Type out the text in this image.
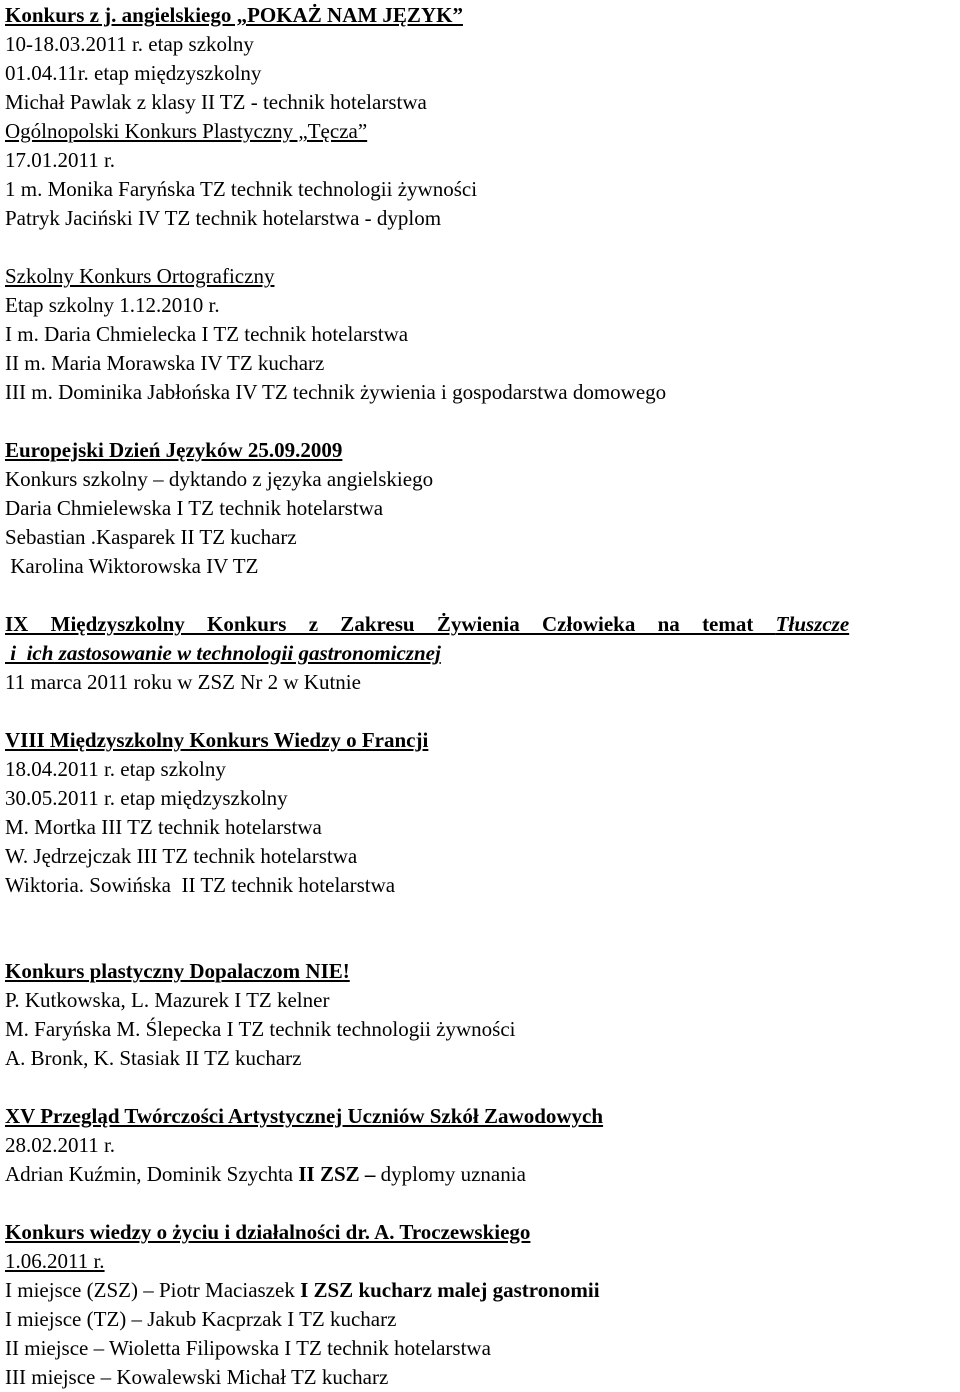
Konkurs z j. angielskiego „POKAŻ NAM JĘZYK”
10-18.03.2011 r. etap szkolny
01.04.11r. etap międzyszkolny
Michał Pawlak z klasy II TZ - technik hotelarstwa
Ogólnopolski Konkurs Plastyczny „Tęcza”
17.01.2011 r.
1 m. Monika Faryńska TZ technik technologii żywności
Patryk Jaciński IV TZ technik hotelarstwa - dyplom
Szkolny Konkurs Ortograficzny
Etap szkolny 1.12.2010 r.
I m. Daria Chmielecka I TZ technik hotelarstwa
II m. Maria Morawska IV TZ kucharz
III m. Dominika Jabłońska IV TZ technik żywienia i gospodarstwa domowego
Europejski Dzień Języków 25.09.2009
Konkurs szkolny – dyktando z języka angielskiego
Daria Chmielewska I TZ technik hotelarstwa
Sebastian .Kasparek II TZ kucharz
Karolina Wiktorowska IV TZ
IX  Międzyszkolny  Konkurs  z  Zakresu  Żywienia  Człowieka  na  temat  Tłuszcze
i  ich zastosowanie w technologii gastronomicznej
11 marca 2011 roku w ZSZ Nr 2 w Kutnie
VIII Międzyszkolny Konkurs Wiedzy o Francji
18.04.2011 r. etap szkolny
30.05.2011 r. etap międzyszkolny
M. Mortka III TZ technik hotelarstwa
W. Jędrzejczak III TZ technik hotelarstwa
Wiktoria. Sowińska  II TZ technik hotelarstwa
Konkurs plastyczny Dopalaczom NIE!
P. Kutkowska, L. Mazurek I TZ kelner
M. Faryńska M. Ślepecka I TZ technik technologii żywności
A. Bronk, K. Stasiak II TZ kucharz
XV Przegląd Twórczości Artystycznej Uczniów Szkół Zawodowych
28.02.2011 r.
Adrian Kuźmin, Dominik Szychta II ZSZ – dyplomy uznania
Konkurs wiedzy o życiu i działalności dr. A. Troczewskiego
1.06.2011 r.
I miejsce (ZSZ) – Piotr Maciaszek I ZSZ kucharz malej gastronomii
I miejsce (TZ) – Jakub Kacprzak I TZ kucharz
II miejsce – Wioletta Filipowska I TZ technik hotelarstwa
III miejsce – Kowalewski Michał TZ kucharz
